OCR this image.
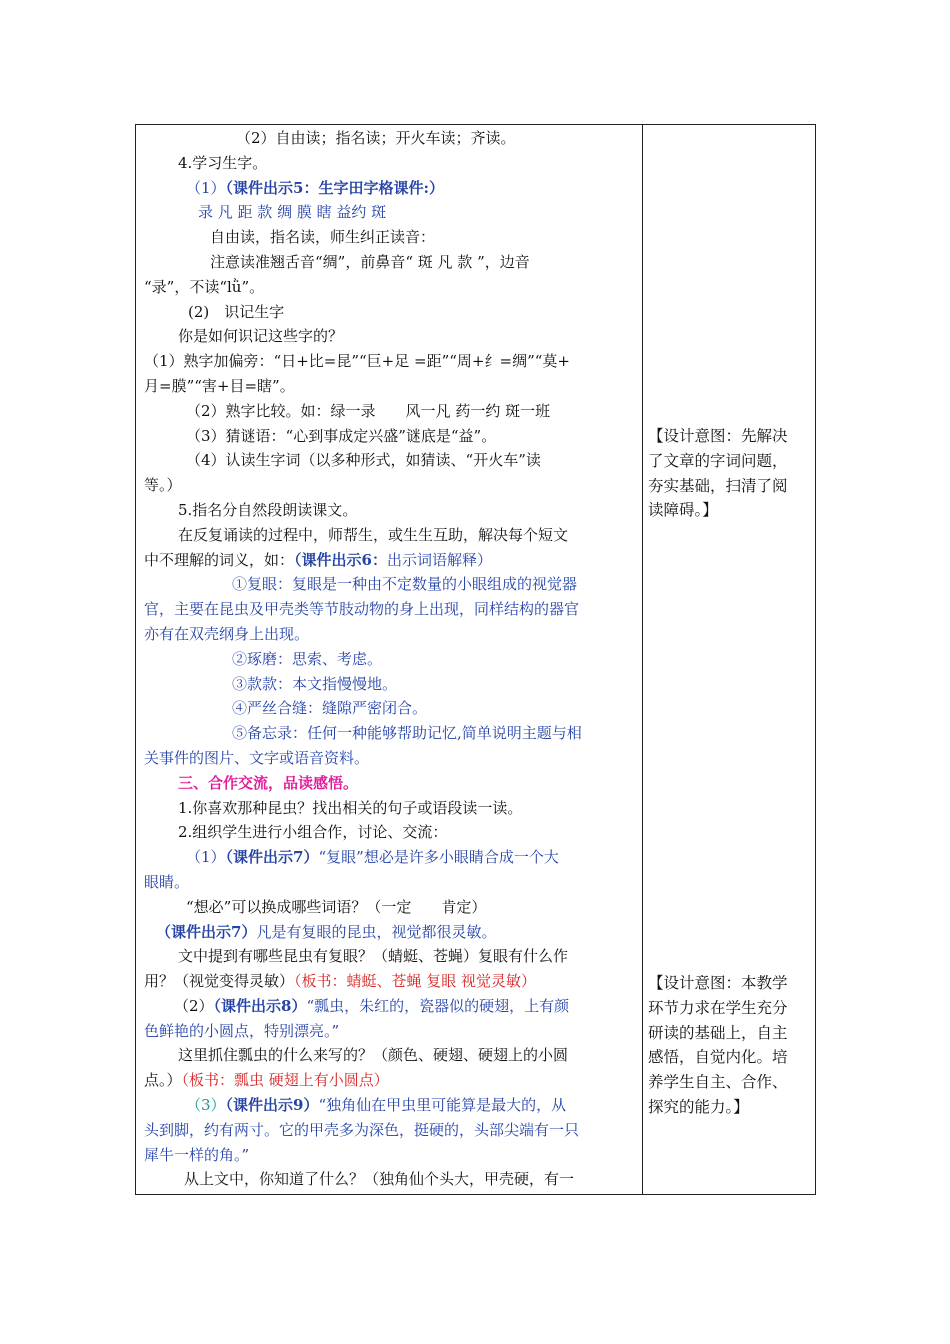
（2）自由读；指名读；开火车读；齐读。
4.学习生字。
（1）（课件出示5：生字田字格课件:）
录 凡 距 款 绸 膜 瞎 益约 斑
自由读，指名读，师生纠正读音：
注意读准翘舌音“绸”，前鼻音“ 斑 凡 款 ”，边音
“录”，不读“lǜ”。
(2)　识记生字
你是如何识记这些字的？
（1）熟字加偏旁：“日+比=昆”“巨+足 =距”“周+纟=绸”“莫+
月=膜”“害+目=瞎”。
（2）熟字比较。如：绿一录　　风一凡 药一约 斑一班
（3）猜谜语：“心到事成定兴盛”谜底是“益”。
（4）认读生字词（以多种形式，如猜读、“开火车”读
等。）
5.指名分自然段朗读课文。
在反复诵读的过程中，师帮生，或生生互助，解决每个短文
中不理解的词义，如：（课件出示6：出示词语解释）
①复眼：复眼是一种由不定数量的小眼组成的视觉器
官，主要在昆虫及甲壳类等节肢动物的身上出现，同样结构的器官
亦有在双壳纲身上出现。
②琢磨：思索、考虑。
③款款：本文指慢慢地。
④严丝合缝：缝隙严密闭合。
⑤备忘录：任何一种能够帮助记忆,简单说明主题与相
关事件的图片、文字或语音资料。
三、合作交流，品读感悟。
1.你喜欢那种昆虫？找出相关的句子或语段读一读。
2.组织学生进行小组合作，讨论、交流：
（1）（课件出示7）“复眼”想必是许多小眼睛合成一个大
眼睛。
“想必”可以换成哪些词语？（一定　　肯定）
（课件出示7）凡是有复眼的昆虫，视觉都很灵敏。
文中提到有哪些昆虫有复眼？（蜻蜓、苍蝇）复眼有什么作
用？（视觉变得灵敏）（板书：蜻蜓、苍蝇 复眼 视觉灵敏）
（2）（课件出示8）“瓢虫，朱红的，瓷器似的硬翅，上有颜
色鲜艳的小圆点，特别漂亮。”
这里抓住瓢虫的什么来写的？（颜色、硬翅、硬翅上的小圆
点。）（板书：瓢虫 硬翅上有小圆点）
（3）（课件出示9）“独角仙在甲虫里可能算是最大的，从
头到脚，约有两寸。它的甲壳多为深色，挺硬的，头部尖端有一只
犀牛一样的角。”
从上文中，你知道了什么？（独角仙个头大，甲壳硬，有一
【设计意图：先解决
了文章的字词问题，
夯实基础，扫清了阅
读障碍。】
【设计意图：本教学
环节力求在学生充分
研读的基础上，自主
感悟，自觉内化。培
养学生自主、合作、
探究的能力。】
